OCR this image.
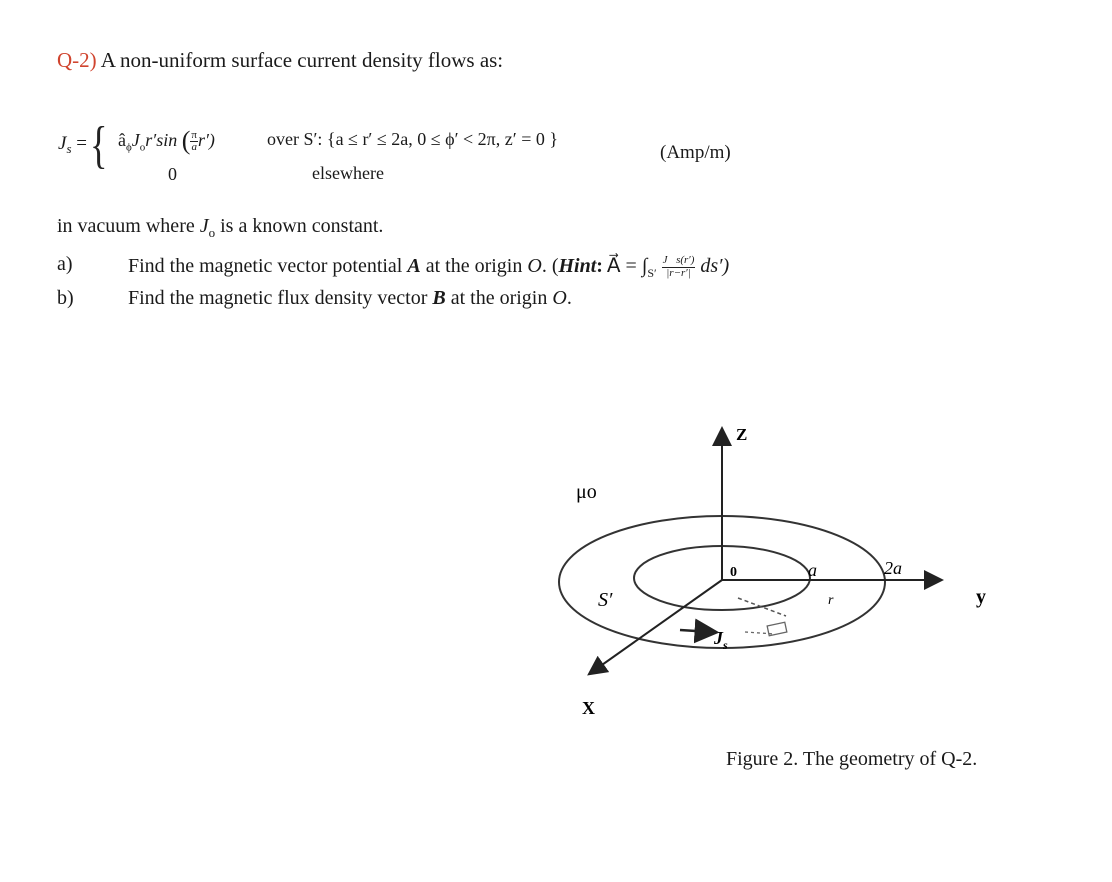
Q-2) A non-uniform surface current density flows as:
$J_s$ = { $â_\phi J_or'\sin$ ( $\frac{\pi}{a} r'$)	over S′: {a ≤ r′ ≤ 2a, 0 ≤ ϕ′ < 2π, z′ = 0 }
0	elsewhere
(Amp/m)
in vacuum where $J_o$ is a known constant.
a)	Find the magnetic vector potential A at the origin O. (Hint: A⃗ = $\int_{S'} \frac{J⃗s(r')}{|r-r'|} ds'$)
b)	Find the magnetic flux density vector B at the origin O.
Z
y
X
μo
S′
0	a	2a
r
$J_s$
Figure 2. The geometry of Q-2.
